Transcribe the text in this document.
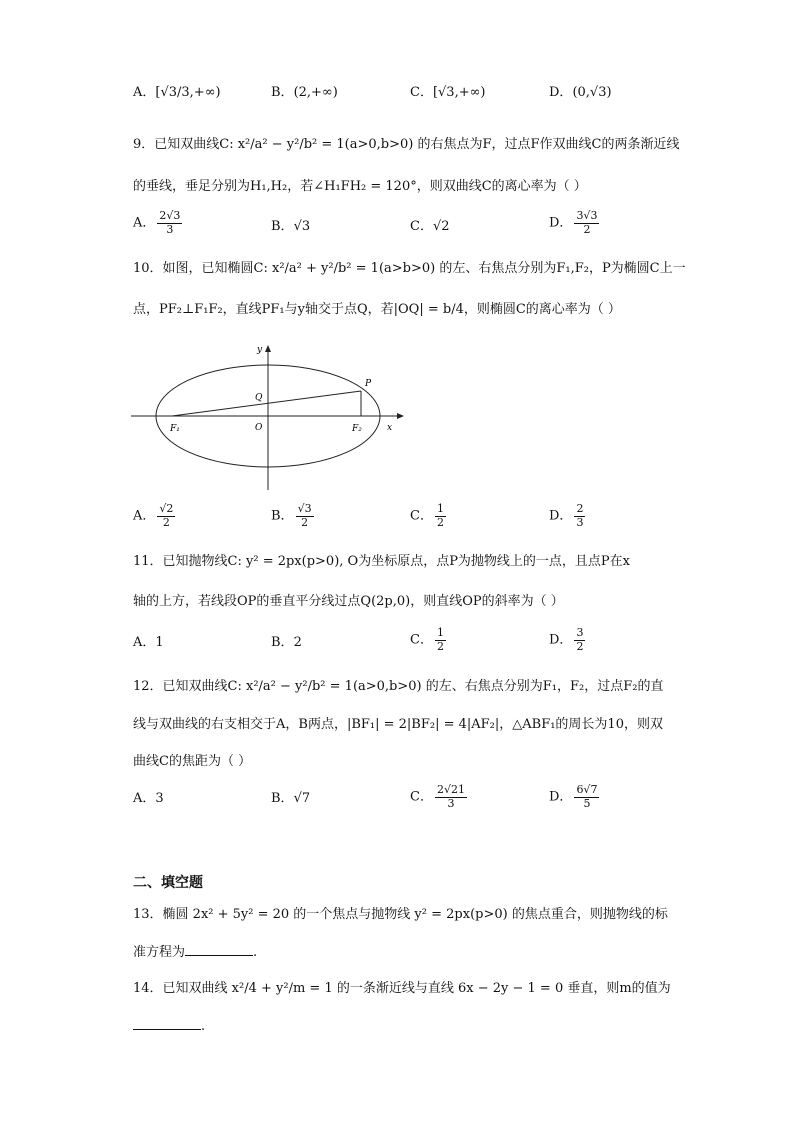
A．[√3/3,+∞)	B．(2,+∞)	C．[√3,+∞)	D．(0,√3)
9．已知双曲线C: x²/a² − y²/b² = 1(a>0,b>0) 的右焦点为F，过点F作双曲线C的两条渐近线
的垂线，垂足分别为H₁,H₂，若∠H₁FH₂ = 120°，则双曲线C的离心率为（ ）
A． $\frac{2√3}{3}$	B．√3	C．√2	D． $\frac{3√3}{2}$
10．如图，已知椭圆C: x²/a² + y²/b² = 1(a>b>0) 的左、右焦点分别为F₁,F₂，P为椭圆C上一
点，PF₂⊥F₁F₂，直线PF₁与y轴交于点Q，若|OQ| = b/4，则椭圆C的离心率为（ ）
y
x
O
Q
P
F₁	F₂
A． $\frac{√2}{2}$	B． $\frac{√3}{2}$	C． $\frac{1}{2}$	D． $\frac{2}{3}$
11．已知抛物线C: y² = 2px(p>0), O为坐标原点，点P为抛物线上的一点，且点P在x
轴的上方，若线段OP的垂直平分线过点Q(2p,0)，则直线OP的斜率为（ ）
A．1	B．2	C． $\frac{1}{2}$	D． $\frac{3}{2}$
12．已知双曲线C: x²/a² − y²/b² = 1(a>0,b>0) 的左、右焦点分别为F₁，F₂，过点F₂的直
线与双曲线的右支相交于A，B两点，|BF₁| = 2|BF₂| = 4|AF₂|，△ABF₁的周长为10，则双
曲线C的焦距为（ ）
A．3	B．√7	C． $\frac{2√21}{3}$	D． $\frac{6√7}{5}$
二、填空题
13．椭圆 2x² + 5y² = 20 的一个焦点与抛物线 y² = 2px(p>0) 的焦点重合，则抛物线的标
准方程为	.
14．已知双曲线 x²/4 + y²/m = 1 的一条渐近线与直线 6x − 2y − 1 = 0 垂直，则m的值为
.
